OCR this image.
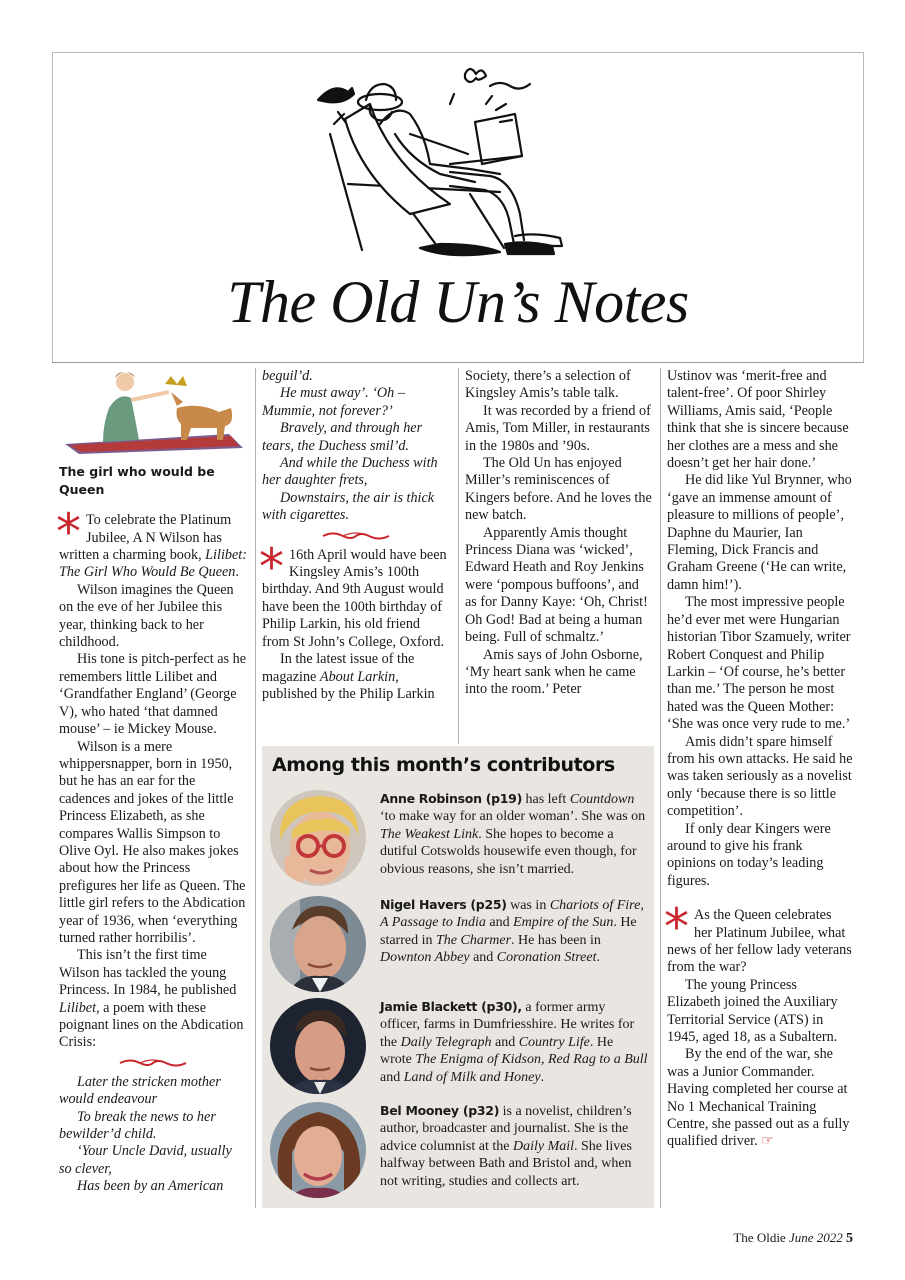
The Old Un’s Notes
The girl who would be Queen
* To celebrate the Platinum Jubilee, A N Wilson has written a charming book, Lilibet: The Girl Who Would Be Queen.

Wilson imagines the Queen on the eve of her Jubilee this year, thinking back to her childhood.

His tone is pitch-perfect as he remembers little Lilibet and ‘Grandfather England’ (George V), who hated ‘that damned mouse’ – ie Mickey Mouse.

Wilson is a mere whippersnapper, born in 1950, but he has an ear for the cadences and jokes of the little Princess Elizabeth, as she compares Wallis Simpson to Olive Oyl. He also makes jokes about how the Princess prefigures her life as Queen. The little girl refers to the Abdication year of 1936, when ‘everything turned rather horribilis’.

This isn’t the first time Wilson has tackled the young Princess. In 1984, he published Lilibet, a poem with these poignant lines on the Abdication Crisis:

Later the stricken mother would endeavour

To break the news to her bewilder’d child.

‘Your Uncle David, usually so clever,

Has been by an American

beguil’d.

He must away’. ‘Oh – Mummie, not forever?’

Bravely, and through her tears, the Duchess smil’d.

And while the Duchess with her daughter frets,

Downstairs, the air is thick with cigarettes.

* 16th April would have been Kingsley Amis’s 100th birthday. And 9th August would have been the 100th birthday of Philip Larkin, his old friend from St John’s College, Oxford.

In the latest issue of the magazine About Larkin, published by the Philip Larkin

Society, there’s a selection of Kingsley Amis’s table talk.

It was recorded by a friend of Amis, Tom Miller, in restaurants in the 1980s and ’90s.

The Old Un has enjoyed Miller’s reminiscences of Kingers before. And he loves the new batch.

Apparently Amis thought Princess Diana was ‘wicked’, Edward Heath and Roy Jenkins were ‘pompous buffoons’, and as for Danny Kaye: ‘Oh, Christ! Oh God! Bad at being a human being. Full of schmaltz.’

Amis says of John Osborne, ‘My heart sank when he came into the room.’ Peter

Ustinov was ‘merit-free and talent-free’. Of poor Shirley Williams, Amis said, ‘People think that she is sincere because her clothes are a mess and she doesn’t get her hair done.’

He did like Yul Brynner, who ‘gave an immense amount of pleasure to millions of people’, Daphne du Maurier, Ian Fleming, Dick Francis and Graham Greene (‘He can write, damn him!’).

The most impressive people he’d ever met were Hungarian historian Tibor Szamuely, writer Robert Conquest and Philip Larkin – ‘Of course, he’s better than me.’ The person he most hated was the Queen Mother: ‘She was once very rude to me.’

Amis didn’t spare himself from his own attacks. He said he was taken seriously as a novelist only ‘because there is so little competition’.

If only dear Kingers were around to give his frank opinions on today’s leading figures.

* As the Queen celebrates her Platinum Jubilee, what news of her fellow lady veterans from the war?

The young Princess Elizabeth joined the Auxiliary Territorial Service (ATS) in 1945, aged 18, as a Subaltern.

By the end of the war, she was a Junior Commander. Having completed her course at No 1 Mechanical Training Centre, she passed out as a fully qualified driver. ☞

Among this month’s contributors
Anne Robinson (p19) has left Countdown ‘to make way for an older woman’. She was on The Weakest Link. She hopes to become a dutiful Cotswolds housewife even though, for obvious reasons, she isn’t married.
Nigel Havers (p25) was in Chariots of Fire, A Passage to India and Empire of the Sun. He starred in The Charmer. He has been in Downton Abbey and Coronation Street.
Jamie Blackett (p30), a former army officer, farms in Dumfriesshire. He writes for the Daily Telegraph and Country Life. He wrote The Enigma of Kidson, Red Rag to a Bull and Land of Milk and Honey.
Bel Mooney (p32) is a novelist, children’s author, broadcaster and journalist. She is the advice columnist at the Daily Mail. She lives halfway between Bath and Bristol and, when not writing, studies and collects art.
The Oldie June 2022 5
